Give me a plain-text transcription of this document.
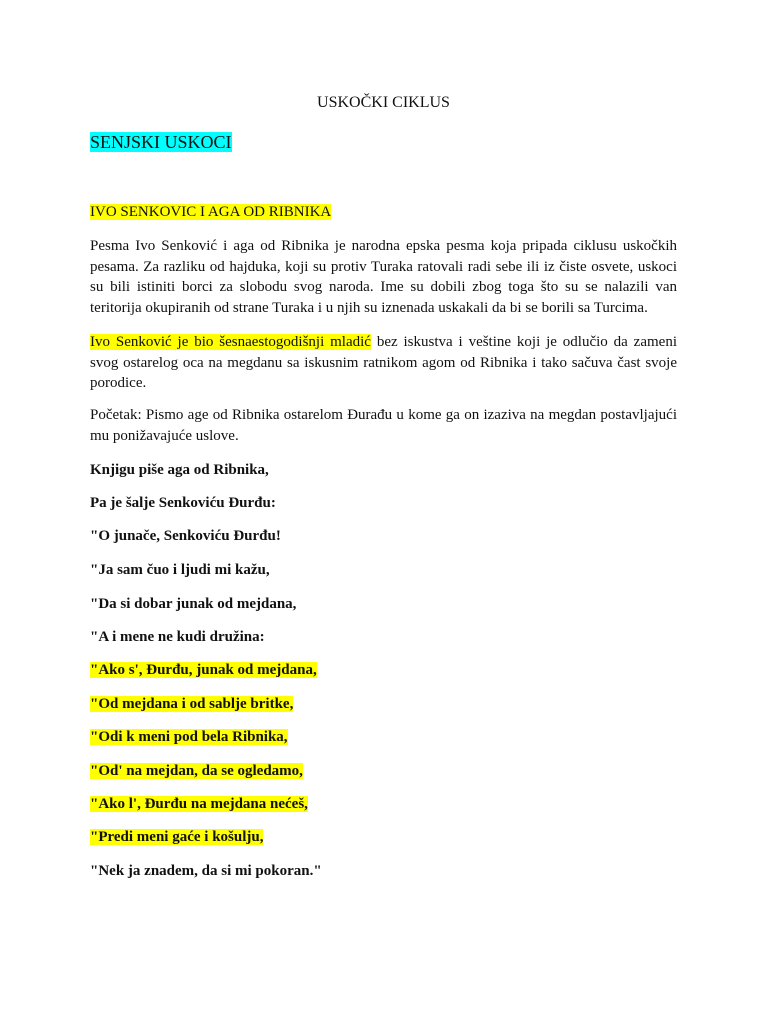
USKOČKI CIKLUS
SENJSKI USKOCI
IVO SENKOVIC I AGA OD RIBNIKA

Pesma Ivo Senković i aga od Ribnika je narodna epska pesma koja pripada ciklusu uskočkih pesama. Za razliku od hajduka, koji su protiv Turaka ratovali radi sebe ili iz čiste osvete, uskoci su bili istiniti borci za slobodu svog naroda. Ime su dobili zbog toga što su se nalazili van teritorija okupiranih od strane Turaka i u njih su iznenada uskakali da bi se borili sa Turcima.

Ivo Senković je bio šesnaestogodišnji mladić bez iskustva i veštine koji je odlučio da zameni svog ostarelog oca na megdanu sa iskusnim ratnikom agom od Ribnika i tako sačuva čast svoje porodice.

Početak: Pismo age od Ribnika ostarelom Đurađu u kome ga on izaziva na megdan postavljajući mu ponižavajuće uslove.

Knjigu piše aga od Ribnika,
Pa je šalje Senkoviću Đurđu:
"O junače, Senkoviću Đurđu!
"Ja sam čuo i ljudi mi kažu,
"Da si dobar junak od mejdana,
"A i mene ne kudi družina:
"Ako s', Đurđu, junak od mejdana,
"Od mejdana i od sablje britke,
"Odi k meni pod bela Ribnika,
"Od' na mejdan, da se ogledamo,
"Ako l', Đurđu na mejdana nećeš,
"Predi meni gaće i košulju,
"Nek ja znadem, da si mi pokoran."
